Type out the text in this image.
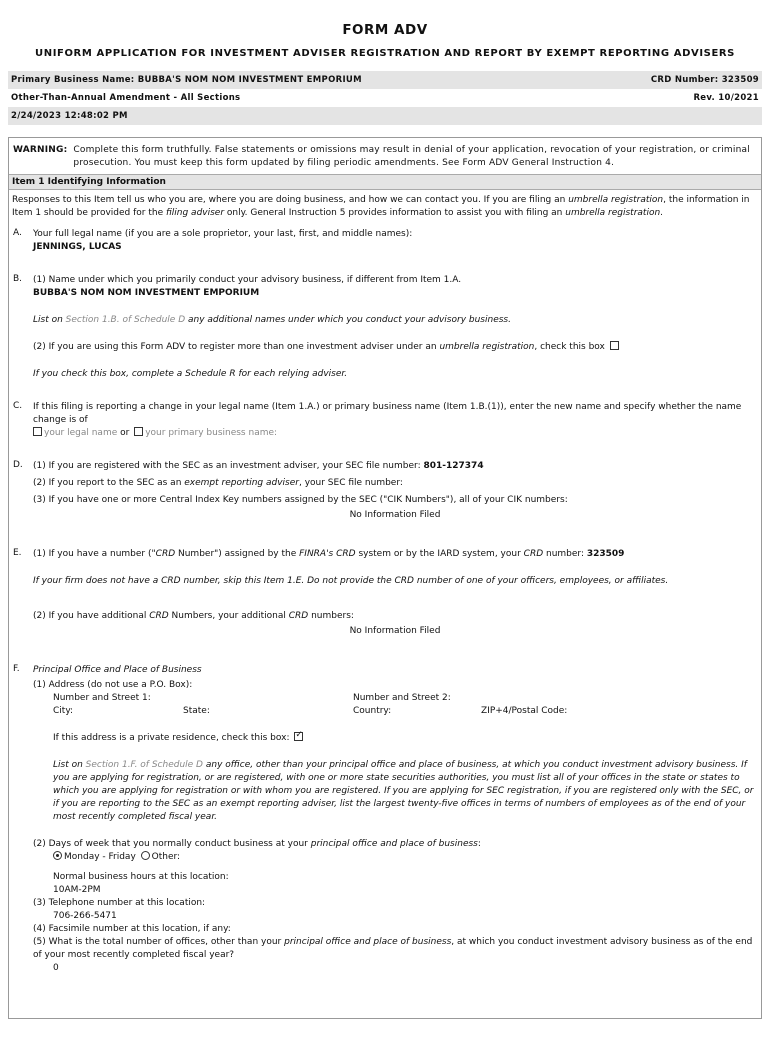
FORM ADV
UNIFORM APPLICATION FOR INVESTMENT ADVISER REGISTRATION AND REPORT BY EXEMPT REPORTING ADVISERS
Primary Business Name: BUBBA'S NOM NOM INVESTMENT EMPORIUM	CRD Number: 323509
Other-Than-Annual Amendment - All Sections	Rev. 10/2021
2/24/2023 12:48:02 PM
WARNING: Complete this form truthfully. False statements or omissions may result in denial of your application, revocation of your registration, or criminal prosecution. You must keep this form updated by filing periodic amendments. See Form ADV General Instruction 4.
Item 1 Identifying Information
Responses to this Item tell us who you are, where you are doing business, and how we can contact you. If you are filing an umbrella registration, the information in Item 1 should be provided for the filing adviser only. General Instruction 5 provides information to assist you with filing an umbrella registration.
A.	Your full legal name (if you are a sole proprietor, your last, first, and middle names):
JENNINGS, LUCAS
B.	(1) Name under which you primarily conduct your advisory business, if different from Item 1.A.
BUBBA'S NOM NOM INVESTMENT EMPORIUM
List on Section 1.B. of Schedule D any additional names under which you conduct your advisory business.
(2) If you are using this Form ADV to register more than one investment adviser under an umbrella registration, check this box
If you check this box, complete a Schedule R for each relying adviser.
C.	If this filing is reporting a change in your legal name (Item 1.A.) or primary business name (Item 1.B.(1)), enter the new name and specify whether the name change is of
your legal name or your primary business name:
D.	(1) If you are registered with the SEC as an investment adviser, your SEC file number: 801-127374
(2) If you report to the SEC as an exempt reporting adviser, your SEC file number:
(3) If you have one or more Central Index Key numbers assigned by the SEC ("CIK Numbers"), all of your CIK numbers:
No Information Filed
E.	(1) If you have a number ("CRD Number") assigned by the FINRA's CRD system or by the IARD system, your CRD number: 323509
If your firm does not have a CRD number, skip this Item 1.E. Do not provide the CRD number of one of your officers, employees, or affiliates.
(2) If you have additional CRD Numbers, your additional CRD numbers:
No Information Filed
F.	Principal Office and Place of Business
(1) Address (do not use a P.O. Box):
Number and Street 1:	Number and Street 2:
City:	State:	Country:	ZIP+4/Postal Code:
If this address is a private residence, check this box: ✓
List on Section 1.F. of Schedule D any office, other than your principal office and place of business, at which you conduct investment advisory business. If you are applying for registration, or are registered, with one or more state securities authorities, you must list all of your offices in the state or states to which you are applying for registration or with whom you are registered. If you are applying for SEC registration, if you are registered only with the SEC, or if you are reporting to the SEC as an exempt reporting adviser, list the largest twenty-five offices in terms of numbers of employees as of the end of your most recently completed fiscal year.
(2) Days of week that you normally conduct business at your principal office and place of business:
Monday - Friday Other:
Normal business hours at this location:
10AM-2PM
(3) Telephone number at this location:
706-266-5471
(4) Facsimile number at this location, if any:
(5) What is the total number of offices, other than your principal office and place of business, at which you conduct investment advisory business as of the end of your most recently completed fiscal year?
0
